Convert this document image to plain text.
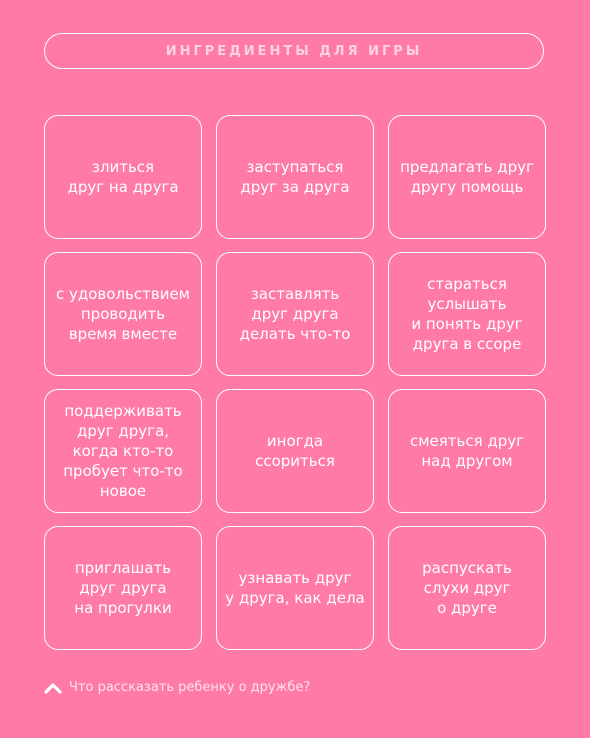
ИНГРЕДИЕНТЫ ДЛЯ ИГРЫ
злиться
друг на друга
заступаться
друг за друга
предлагать друг
другу помощь
с удовольствием
проводить
время вместе
заставлять
друг друга
делать что-то
стараться
услышать
и понять друг
друга в ссоре
поддерживать
друг друга,
когда кто-то
пробует что-то
новое
иногда
ссориться
смеяться друг
над другом
приглашать
друг друга
на прогулки
узнавать друг
у друга, как дела
распускать
слухи друг
о друге
Что рассказать ребенку о дружбе?
